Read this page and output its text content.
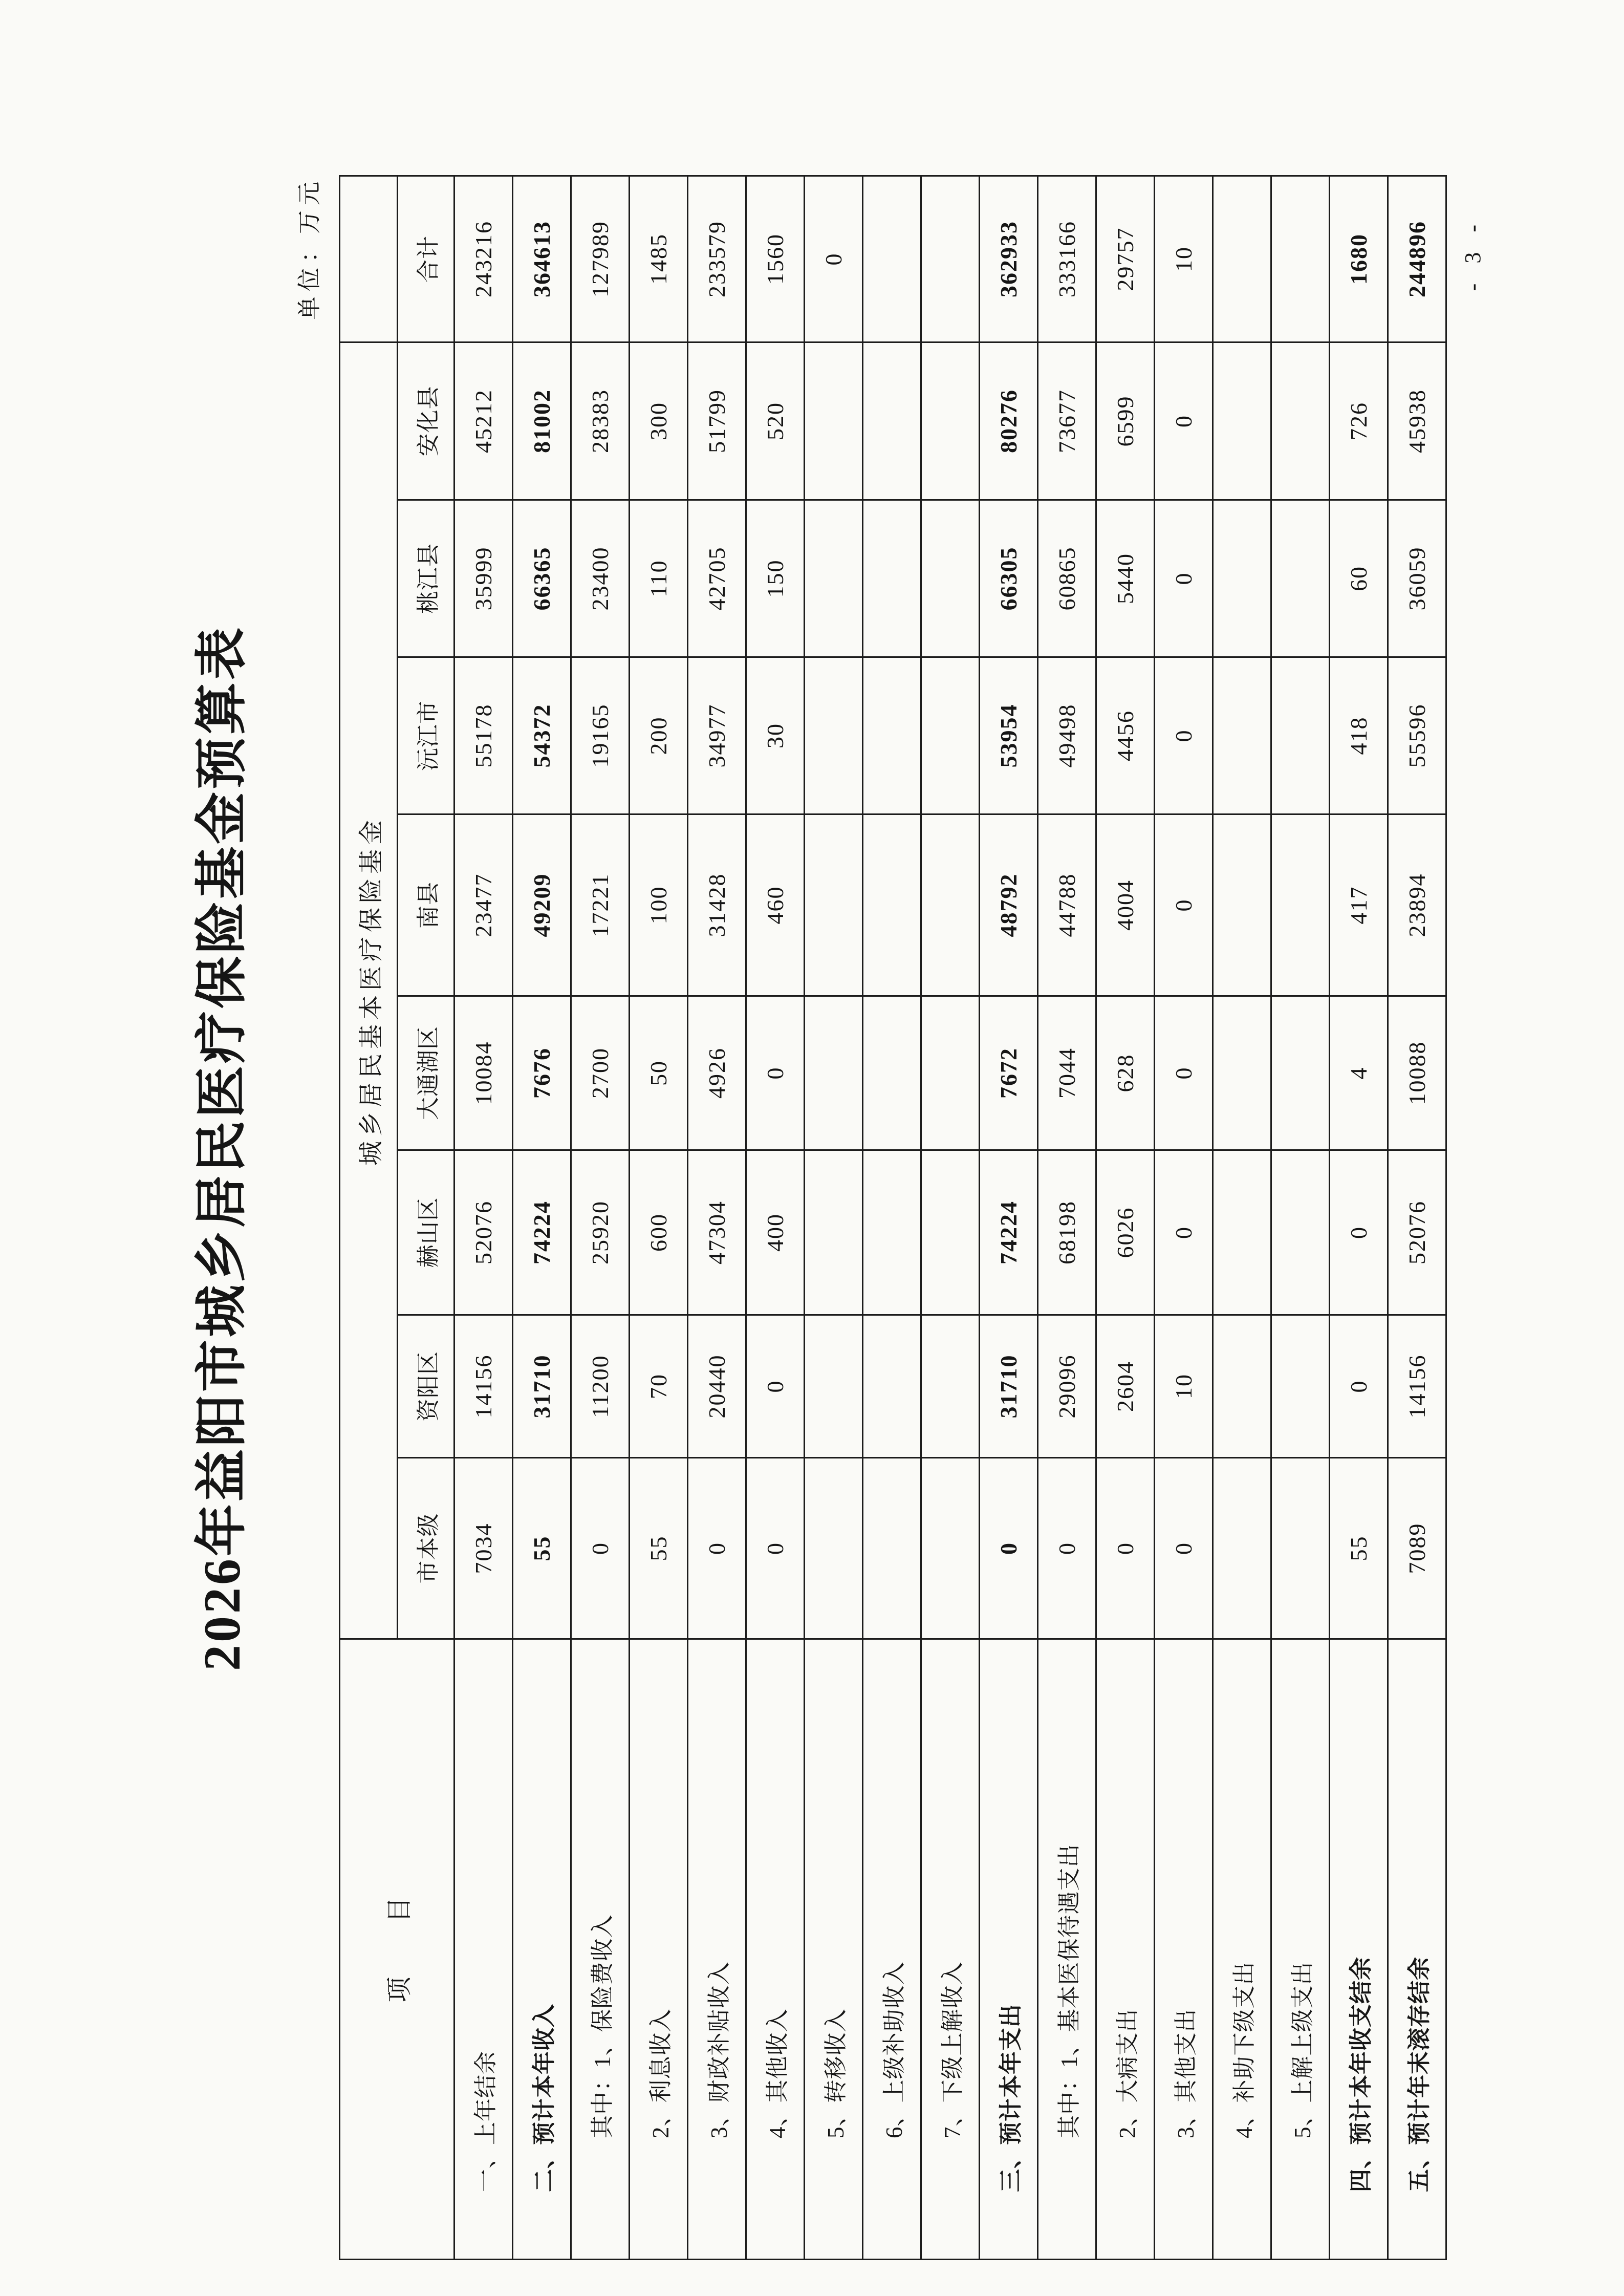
2026年益阳市城乡居民医疗保险基金预算表
单位：万元
项　　目	城乡居民基本医疗保险基金								
	市本级	资阳区	赫山区	大通湖区	南县	沅江市	桃江县	安化县	合计
一、上年结余	7034	14156	52076	10084	23477	55178	35999	45212	243216
二、预计本年收入	55	31710	74224	7676	49209	54372	66365	81002	364613
其中：1、保险费收入	0	11200	25920	2700	17221	19165	23400	28383	127989
2、利息收入	55	70	600	50	100	200	110	300	1485
3、财政补贴收入	0	20440	47304	4926	31428	34977	42705	51799	233579
4、其他收入	0	0	400	0	460	30	150	520	1560
5、转移收入									0
6、上级补助收入									
7、下级上解收入									
三、预计本年支出	0	31710	74224	7672	48792	53954	66305	80276	362933
其中：1、基本医保待遇支出	0	29096	68198	7044	44788	49498	60865	73677	333166
2、大病支出	0	2604	6026	628	4004	4456	5440	6599	29757
3、其他支出	0	10	0	0	0	0	0	0	10
4、补助下级支出									
5、上解上级支出									
四、预计本年收支结余	55	0	0	4	417	418	60	726	1680
五、预计年末滚存结余	7089	14156	52076	10088	23894	55596	36059	45938	244896 - 3 -
